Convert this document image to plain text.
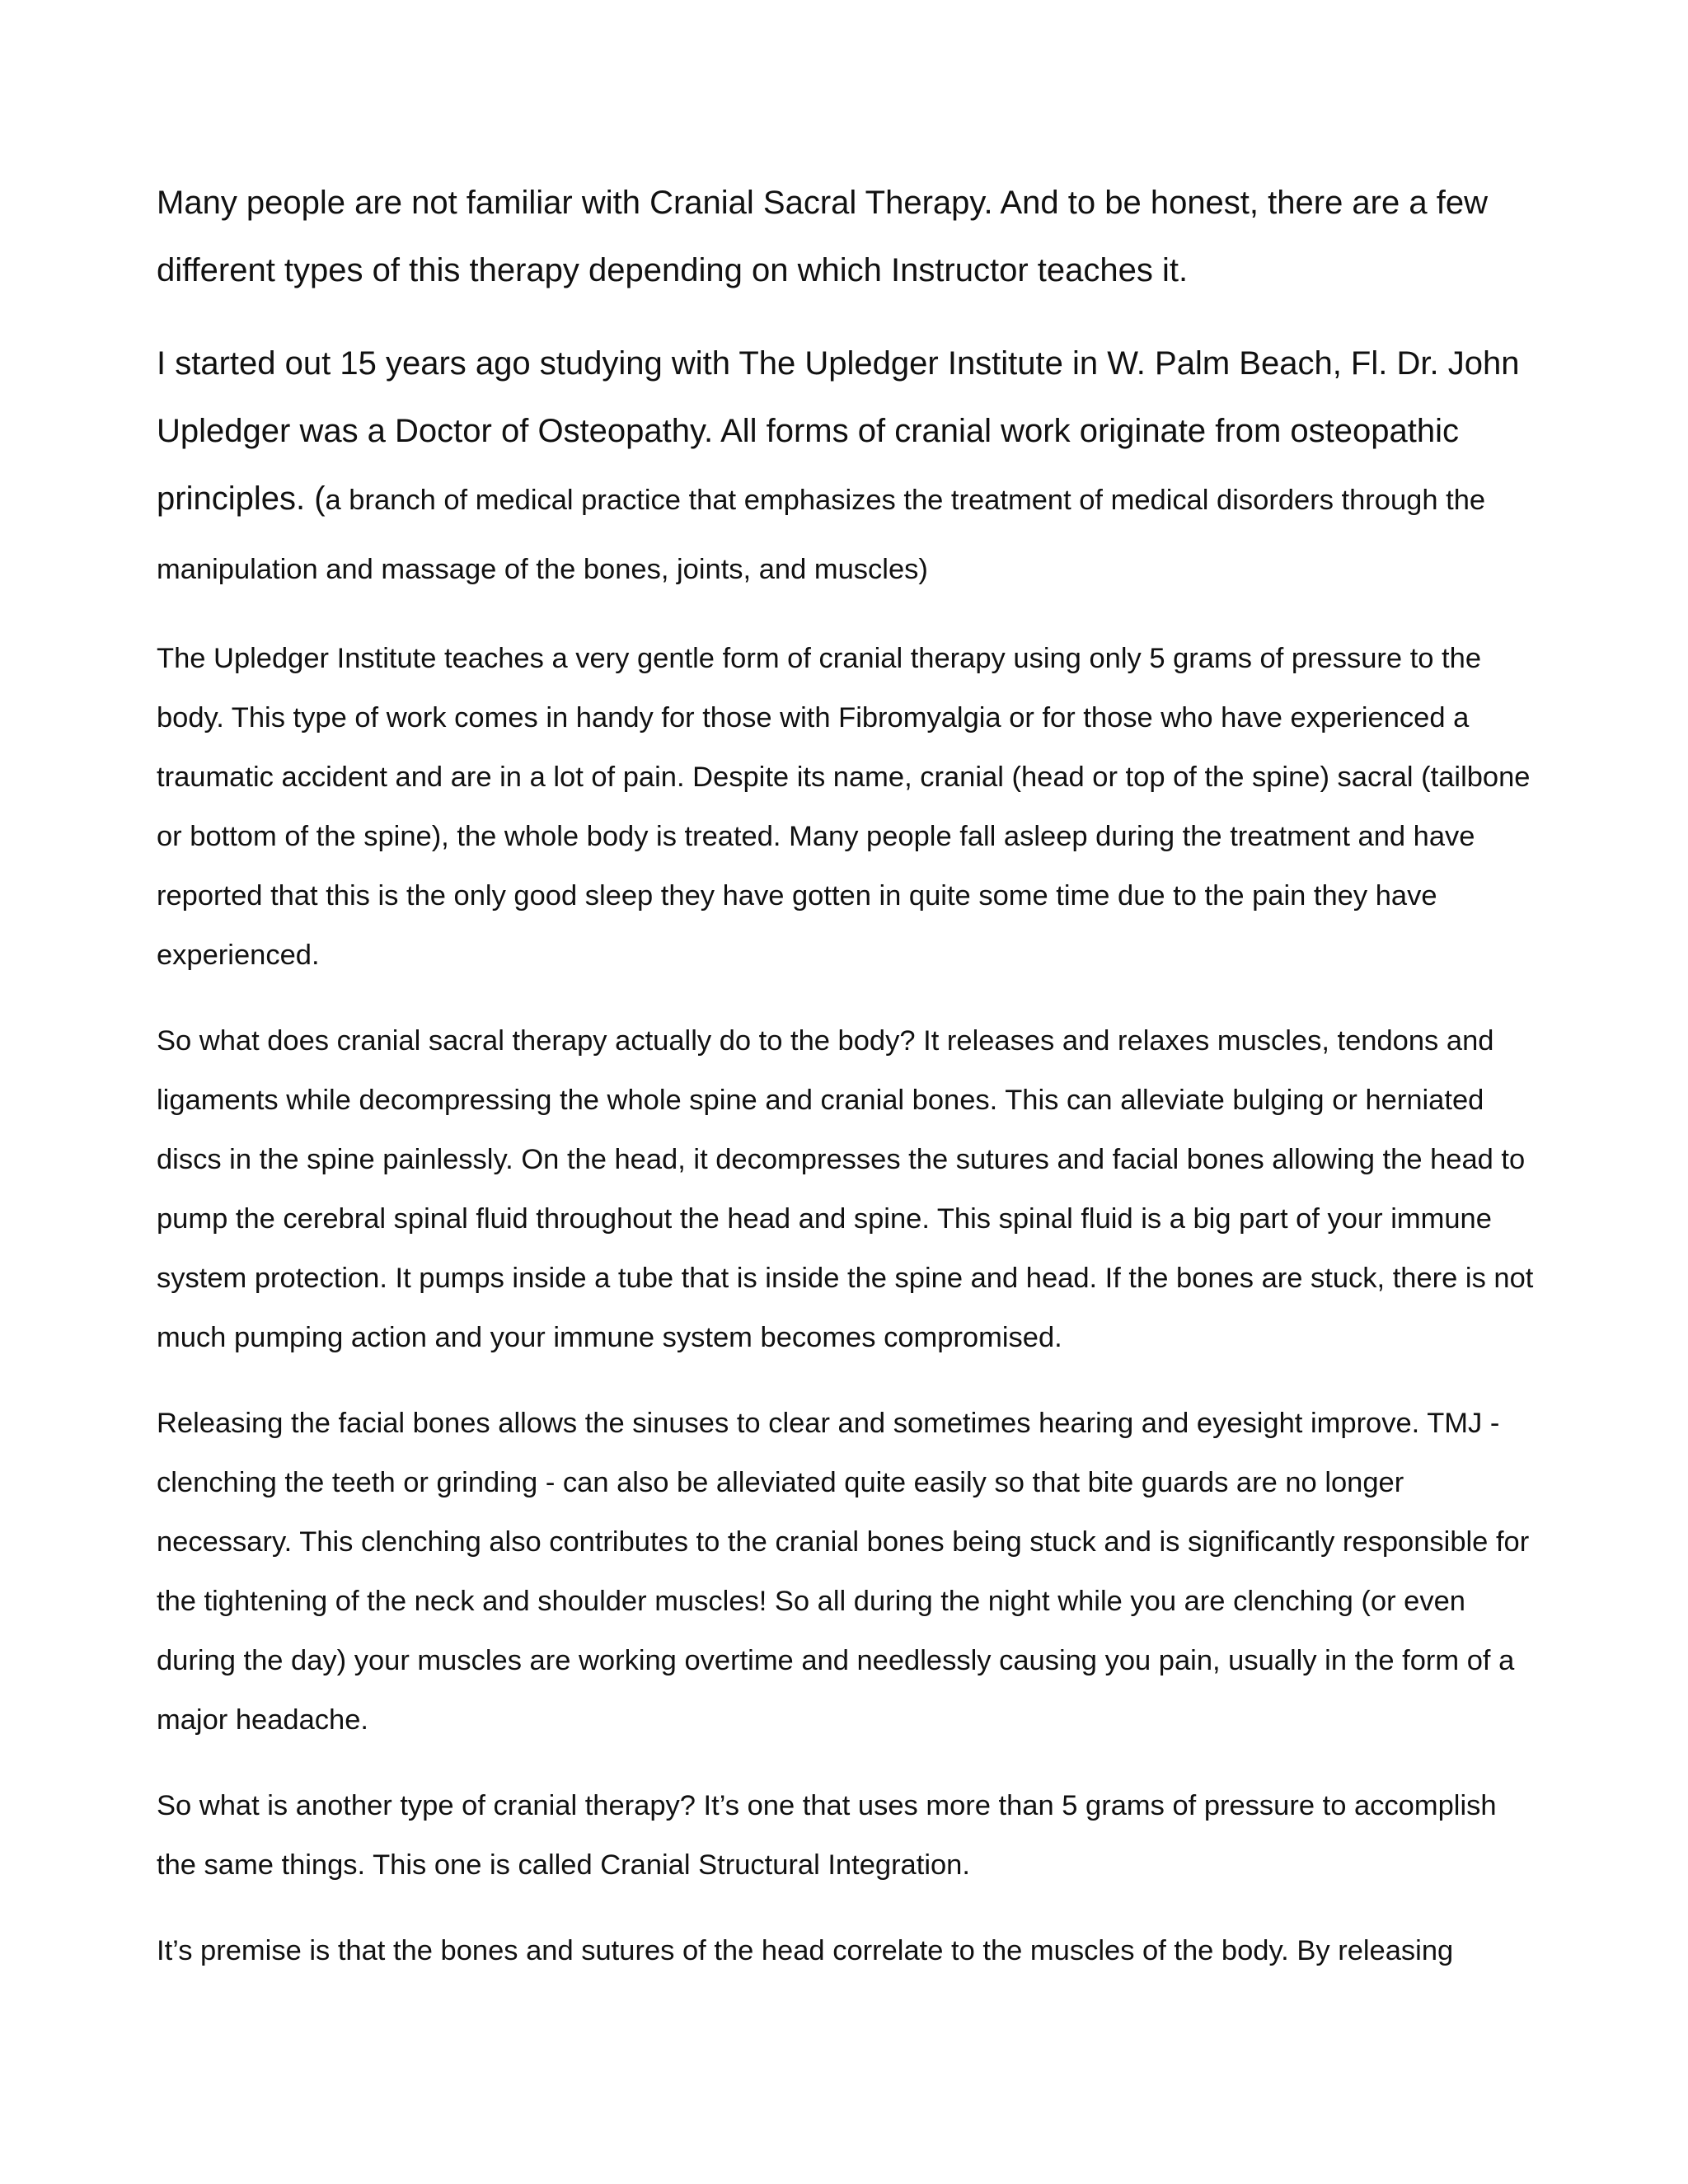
Many people are not familiar with Cranial Sacral Therapy. And to be honest, there are a few different types of this therapy depending on which Instructor teaches it.

I started out 15 years ago studying with The Upledger Institute in W. Palm Beach, Fl. Dr. John Upledger was a Doctor of Osteopathy. All forms of cranial work originate from osteopathic principles. (a branch of medical practice that emphasizes the treatment of medical disorders through the manipulation and massage of the bones, joints, and muscles)

The Upledger Institute teaches a very gentle form of cranial therapy using only 5 grams of pressure to the body. This type of work comes in handy for those with Fibromyalgia or for those who have experienced a traumatic accident and are in a lot of pain. Despite its name, cranial (head or top of the spine) sacral (tailbone or bottom of the spine), the whole body is treated. Many people fall asleep during the treatment and have reported that this is the only good sleep they have gotten in quite some time due to the pain they have experienced.

So what does cranial sacral therapy actually do to the body? It releases and relaxes muscles, tendons and ligaments while decompressing the whole spine and cranial bones. This can alleviate bulging or herniated discs in the spine painlessly. On the head, it decompresses the sutures and facial bones allowing the head to pump the cerebral spinal fluid throughout the head and spine. This spinal fluid is a big part of your immune system protection. It pumps inside a tube that is inside the spine and head. If the bones are stuck, there is not much pumping action and your immune system becomes compromised.

Releasing the facial bones allows the sinuses to clear and sometimes hearing and eyesight improve. TMJ - clenching the teeth or grinding - can also be alleviated quite easily so that bite guards are no longer necessary. This clenching also contributes to the cranial bones being stuck and is significantly responsible for the tightening of the neck and shoulder muscles! So all during the night while you are clenching (or even during the day) your muscles are working overtime and needlessly causing you pain, usually in the form of a major headache.

So what is another type of cranial therapy? It’s one that uses more than 5 grams of pressure to accomplish the same things. This one is called Cranial Structural Integration.

It’s premise is that the bones and sutures of the head correlate to the muscles of the body. By releasing
